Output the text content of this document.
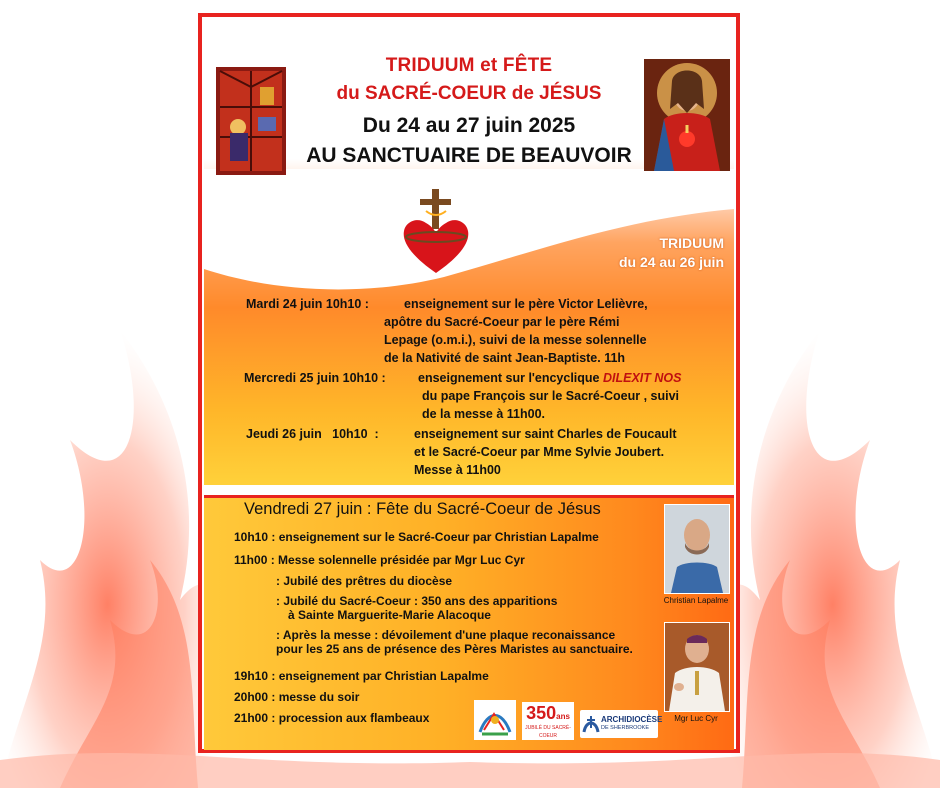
TRIDUUM et FÊTE
du SACRÉ-COEUR de JÉSUS
Du 24 au 27 juin 2025
AU SANCTUAIRE DE BEAUVOIR
TRIDUUM
du 24 au 26 juin
Mardi 24 juin 10h10 :	enseignement sur le père Victor Lelièvre,
apôtre du Sacré-Coeur par le père Rémi
Lepage (o.m.i.), suivi de la messe solennelle
de la Nativité de saint Jean-Baptiste. 11h
Mercredi 25 juin 10h10 :	enseignement sur l'encyclique DILEXIT NOS
du pape François sur le Sacré-Coeur , suivi
de la messe à 11h00.
Jeudi 26 juin   10h10  :	enseignement sur saint Charles de Foucault
et le Sacré-Coeur par Mme Sylvie Joubert.
Messe à 11h00
Vendredi 27 juin : Fête du Sacré-Coeur de Jésus
10h10 : enseignement sur le Sacré-Coeur par Christian Lapalme
11h00 : Messe solennelle présidée par Mgr Luc Cyr
: Jubilé des prêtres du diocèse
: Jubilé du Sacré-Coeur : 350 ans des apparitions
à Sainte Marguerite-Marie Alacoque
: Après la messe : dévoilement d'une plaque reconaissance
pour les 25 ans de présence des Pères Maristes au sanctuaire.
19h10 : enseignement par Christian Lapalme
20h00 : messe du soir
21h00 : procession aux flambeaux
Christian Lapalme
Mgr Luc Cyr
350ans
JUBILÉ DU SACRÉ-COEUR
ARCHIDIOCÈSE
DE SHERBROOKE
